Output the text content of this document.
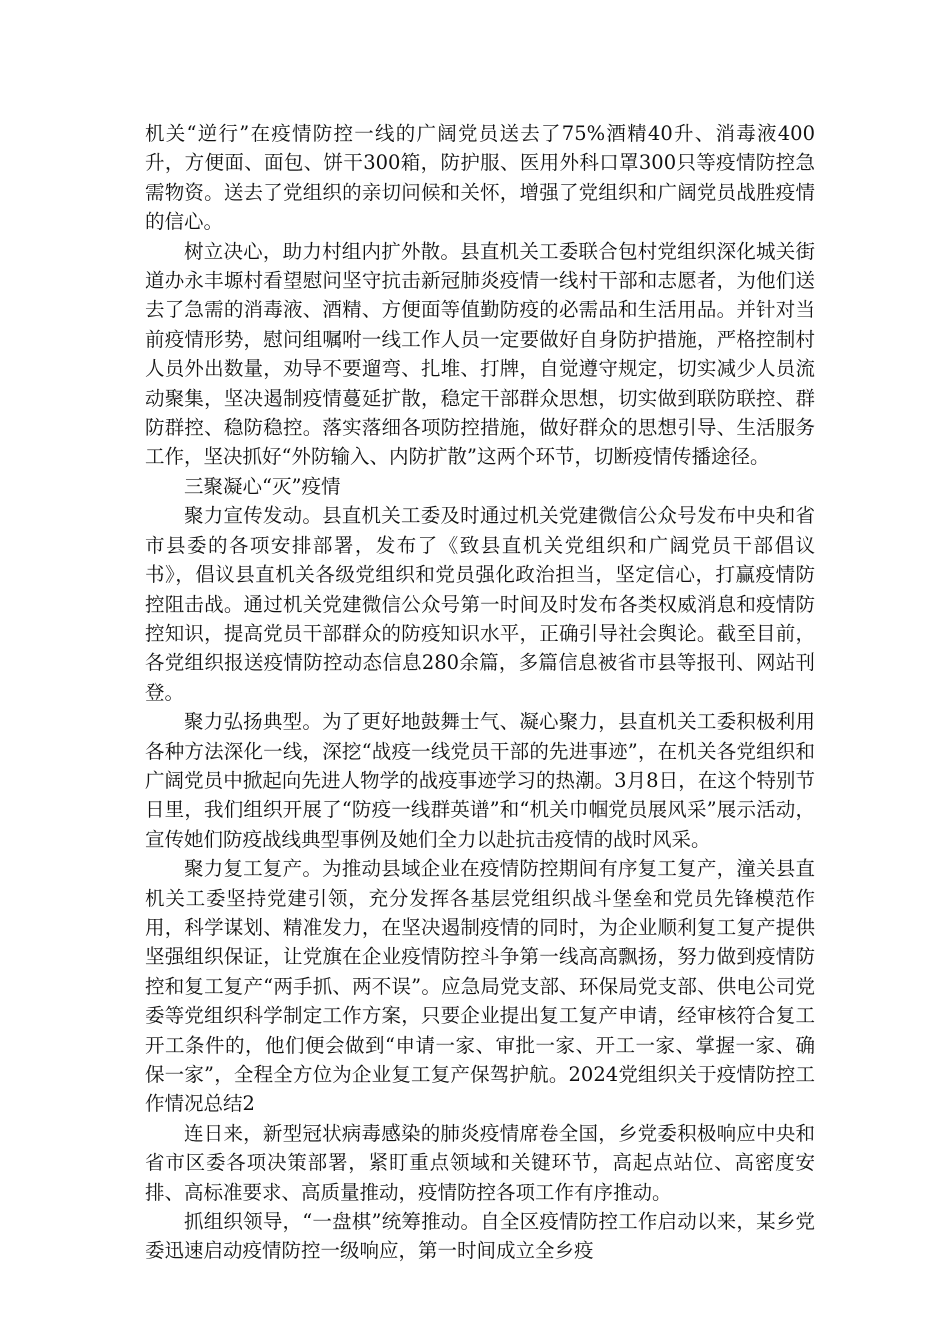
机关“逆行”在疫情防控一线的广阔党员送去了75%酒精40升、消毒液400升，方便面、面包、饼干300箱，防护服、医用外科口罩300只等疫情防控急需物资。送去了党组织的亲切问候和关怀，增强了党组织和广阔党员战胜疫情的信心。

树立决心，助力村组内扩外散。县直机关工委联合包村党组织深化城关街道办永丰塬村看望慰问坚守抗击新冠肺炎疫情一线村干部和志愿者，为他们送去了急需的消毒液、酒精、方便面等值勤防疫的必需品和生活用品。并针对当前疫情形势，慰问组嘱咐一线工作人员一定要做好自身防护措施，严格控制村人员外出数量，劝导不要遛弯、扎堆、打牌，自觉遵守规定，切实减少人员流动聚集，坚决遏制疫情蔓延扩散，稳定干部群众思想，切实做到联防联控、群防群控、稳防稳控。落实落细各项防控措施，做好群众的思想引导、生活服务工作，坚决抓好“外防输入、内防扩散”这两个环节，切断疫情传播途径。

三聚凝心“灭”疫情

聚力宣传发动。县直机关工委及时通过机关党建微信公众号发布中央和省市县委的各项安排部署，发布了《致县直机关党组织和广阔党员干部倡议书》，倡议县直机关各级党组织和党员强化政治担当，坚定信心，打赢疫情防控阻击战。通过机关党建微信公众号第一时间及时发布各类权威消息和疫情防控知识，提高党员干部群众的防疫知识水平，正确引导社会舆论。截至目前，各党组织报送疫情防控动态信息280余篇，多篇信息被省市县等报刊、网站刊登。

聚力弘扬典型。为了更好地鼓舞士气、凝心聚力，县直机关工委积极利用各种方法深化一线，深挖“战疫一线党员干部的先进事迹”，在机关各党组织和广阔党员中掀起向先进人物学的战疫事迹学习的热潮。3月8日，在这个特别节日里，我们组织开展了“防疫一线群英谱”和“机关巾帼党员展风采”展示活动，宣传她们防疫战线典型事例及她们全力以赴抗击疫情的战时风采。

聚力复工复产。为推动县域企业在疫情防控期间有序复工复产，潼关县直机关工委坚持党建引领，充分发挥各基层党组织战斗堡垒和党员先锋模范作用，科学谋划、精准发力，在坚决遏制疫情的同时，为企业顺利复工复产提供坚强组织保证，让党旗在企业疫情防控斗争第一线高高飘扬，努力做到疫情防控和复工复产“两手抓、两不误”。应急局党支部、环保局党支部、供电公司党委等党组织科学制定工作方案，只要企业提出复工复产申请，经审核符合复工开工条件的，他们便会做到“申请一家、审批一家、开工一家、掌握一家、确保一家”，全程全方位为企业复工复产保驾护航。2024党组织关于疫情防控工作情况总结2

连日来，新型冠状病毒感染的肺炎疫情席卷全国，乡党委积极响应中央和省市区委各项决策部署，紧盯重点领域和关键环节，高起点站位、高密度安排、高标准要求、高质量推动，疫情防控各项工作有序推动。

抓组织领导，“一盘棋”统筹推动。自全区疫情防控工作启动以来，某乡党委迅速启动疫情防控一级响应，第一时间成立全乡疫
